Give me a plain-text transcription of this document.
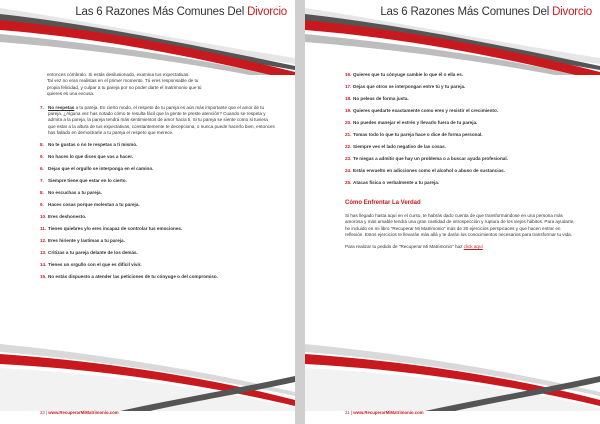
Las 6 Razones Más Comunes Del Divorcio

entonces cómbralo. Si estás desilusionado, examina tus expectativas.

Tal vez no eran realistas en el primer momento. Tú eres responsable de tu

propia felicidad, y culpar a tu pareja por no poder darte el matrimonio que tú

quieres es una excusa.

7. No respetas a tu pareja. En cierto modo, el respeto de tu pareja es aún más importante que el amor de tu pareja. ¿Alguna vez has notado cómo te resulta fácil que la gente te preste atención? Cuando se respeta y admira a la pareja, la pareja tendrá más sentimientos de amor hacia ti. Si tu pareja se siente como si tuviera que estar a la altura de tus expectativas, constantemente te decepciona, o nunca puede hacerlo bien, entonces has fallado en demostrarle a tu pareja el respeto que merece.
8. No te gustas o no te respetas a ti mismo.
9. No haces lo que dices que vas a hacer.
6. Dejas que el orgullo se interponga en el camino.
7. Siempre tiene que estar en lo cierto.
8. No escuchas a tu pareja.
9. Haces cosas porque molestan a tu pareja.
10. Eres deshonesto.
11. Tienes quiebres y/o eres incapaz de controlar tus emociones.
12. Eres hiriente y lastimas a tu pareja.
13. Critizas a tu pareja delante de los demás.
14. Tienes un orgullo con el que es difícil vivir.
15. No estás dispuesto a atender las peticiones de tu cónyuge o del compromiso.
23 | www.RecuperarMiMatrimonio.com
Las 6 Razones Más Comunes Del Divorcio
16. Quieres que tu cónyuge cambie lo que él o ella es.
17. Dejas que otros se interpongan entre tú y tu pareja.
18. No peleas de forma justa.
19. Quieres quedarte exactamente como eres y resistir el crecimiento.
20. No puedes manejar el estrés y llevarlo fuera de tu pareja.
21. Tomas todo lo que tu pareja hace o dice de forma personal.
22. Siempre ves el lado negativo de las cosas.
23. Te niegas a admitir que hay un problema o a buscar ayuda profesional.
24. Estás envuelto en adicciones como el alcohol o abuso de sustancias.
25. Atacas física o verbalmente a tu pareja.
Cómo Enfrentar La Verdad
Si has llegado hasta aquí en el curso, te habrás dado cuenta de que transformándose en una persona más amorosa y más amable tendrá una gran cantidad de introspección y ruptura de los viejos hábitos. Para ayudarte, he incluido en mi libro "Recuperar Mi Matrimonio" más de 30 ejercicios perspicaces y que hacen entrar en reflexión. Estos ejercicios te llevarán más allá y te darán los conocimientos necesarios para transformar tu vida.
Para realizar tu pedido de "Recuperar Mi Matrimonio" haz click aquí
21 | www.RecuperarMiMatrimonio.com
